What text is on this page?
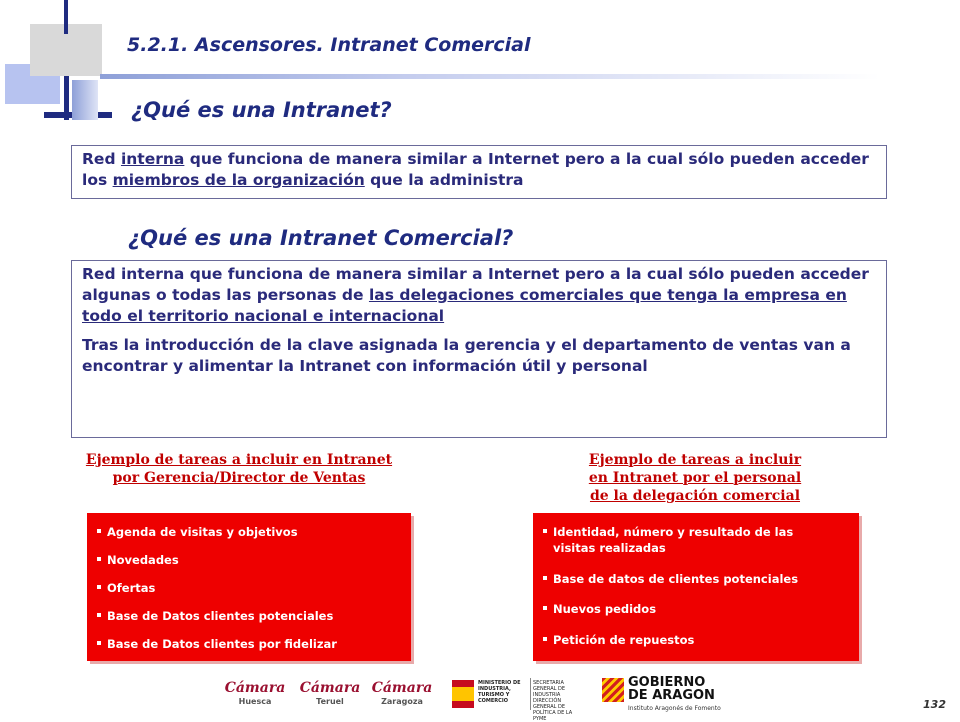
5.2.1. Ascensores. Intranet Comercial
¿Qué es una Intranet?

Red interna que funciona de manera similar a Internet pero a la cual sólo pueden acceder los miembros de la organización que la administra

¿Qué es una Intranet Comercial?

Red interna que funciona de manera similar a Internet pero a la cual sólo pueden acceder algunas o todas las personas de las delegaciones comerciales que tenga la empresa en todo el territorio nacional e internacional

Tras la introducción de la clave asignada la gerencia y el departamento de ventas van a encontrar y alimentar la Intranet con información útil y personal

Ejemplo de tareas a incluir en Intranet por Gerencia/Director de Ventas
Agenda de visitas y objetivos
Novedades
Ofertas
Base de Datos clientes potenciales
Base de Datos clientes por fidelizar
Ejemplo de tareas a incluir
en Intranet por el personal
de la delegación comercial
Identidad, número y resultado de las
visitas realizadas
Base de datos de clientes potenciales
Nuevos pedidos
Petición de repuestos
Cámara
Huesca
Cámara
Teruel
Cámara
Zaragoza
MINISTERIO DE INDUSTRIA, TURISMO Y COMERCIO
SECRETARIA GENERAL DE INDUSTRIA
DIRECCIÓN GENERAL DE POLÍTICA DE LA PYME
GOBIERNO
DE ARAGON
Instituto Aragonés de Fomento	132
